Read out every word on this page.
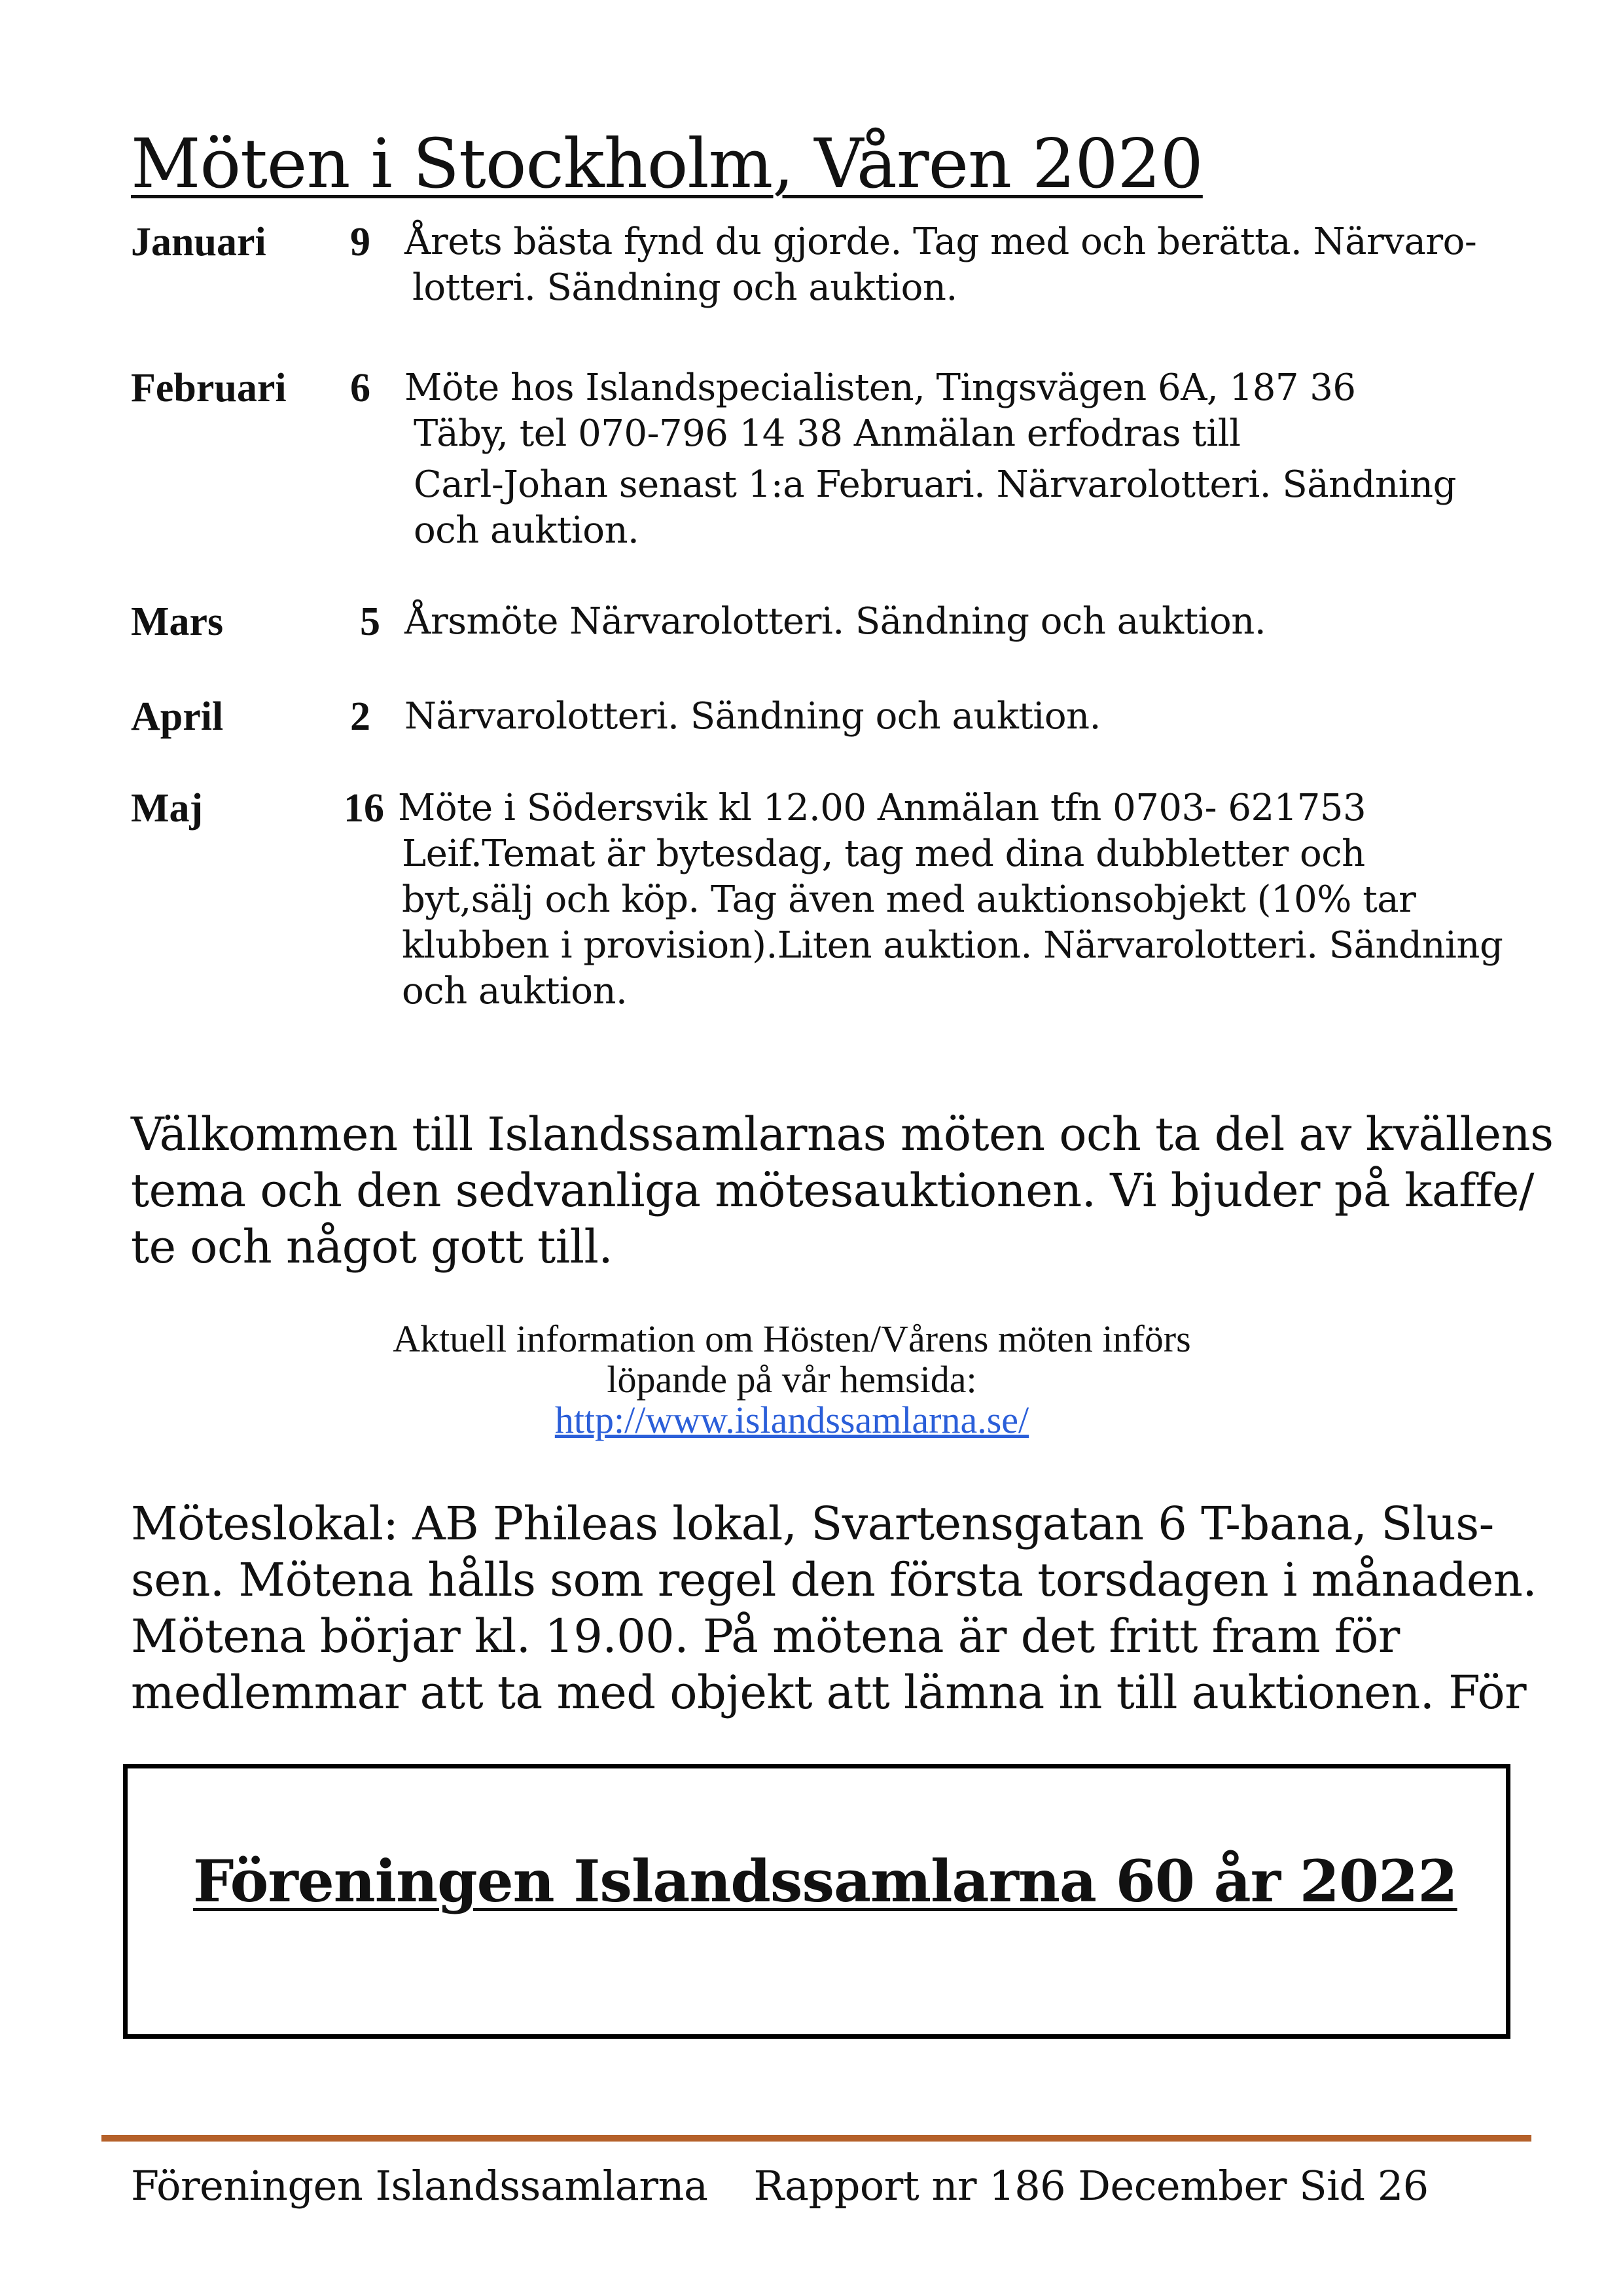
Möten i Stockholm, Våren 2020
Januari 9 Årets bästa fynd du gjorde. Tag med och berätta. Närvaro-
lotteri. Sändning och auktion.
Februari 6 Möte hos Islandspecialisten, Tingsvägen 6A, 187 36
Täby, tel 070-796 14 38 Anmälan erfodras till
Carl-Johan senast 1:a Februari. Närvarolotteri. Sändning
och auktion.
Mars	5 Årsmöte Närvarolotteri. Sändning och auktion.
April	2 Närvarolotteri. Sändning och auktion.
Maj	16 Möte i Södersvik kl 12.00 Anmälan tfn 0703- 621753
Leif.Temat är bytesdag, tag med dina dubbletter och
byt,sälj och köp. Tag även med auktionsobjekt (10% tar
klubben i provision).Liten auktion. Närvarolotteri. Sändning
och auktion.
Välkommen till Islandssamlarnas möten och ta del av kvällens
tema och den sedvanliga mötesauktionen. Vi bjuder på kaffe/
te och något gott till.
Aktuell information om Hösten/Vårens möten införs
löpande på vår hemsida:
http://www.islandssamlarna.se/
Möteslokal: AB Phileas lokal, Svartensgatan 6 T-bana, Slus-
sen. Mötena hålls som regel den första torsdagen i månaden.
Mötena börjar kl. 19.00. På mötena är det fritt fram för
medlemmar att ta med objekt att lämna in till auktionen. För
Föreningen Islandssamlarna 60 år 2022
Föreningen Islandssamlarna Rapport nr 186 December Sid 26
